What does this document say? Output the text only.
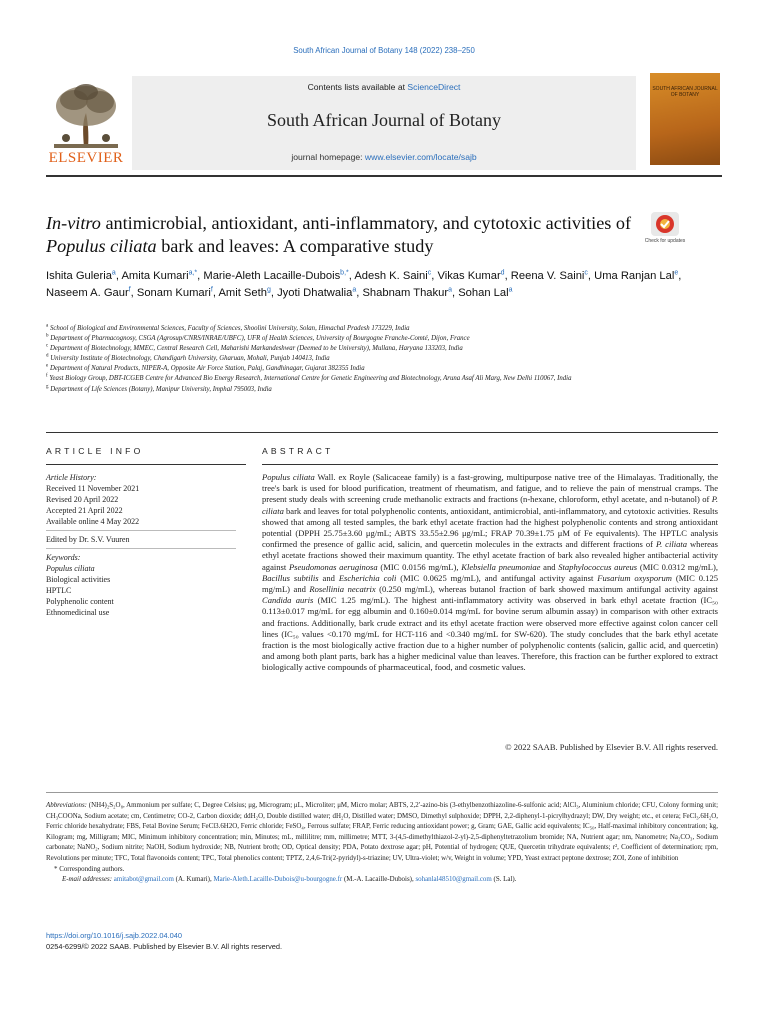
South African Journal of Botany 148 (2022) 238–250
ELSEVIER
Contents lists available at ScienceDirect
South African Journal of Botany
journal homepage: www.elsevier.com/locate/sajb
SOUTH AFRICAN JOURNAL OF BOTANY
In-vitro antimicrobial, antioxidant, anti-inflammatory, and cytotoxic activities of Populus ciliata bark and leaves: A comparative study	Check for updates
Ishita Guleria$^a$, Amita Kumari$^{a,*}$, Marie-Aleth Lacaille-Dubois$^{b,*}$, Adesh K. Saini$^c$, Vikas Kumar$^d$, Reena V. Saini$^c$, Uma Ranjan Lal$^e$, Naseem A. Gaur$^f$, Sonam Kumari$^f$, Amit Seth$^g$, Jyoti Dhatwalia$^a$, Shabnam Thakur$^a$, Sohan Lal$^a$
$^a$ School of Biological and Environmental Sciences, Faculty of Sciences, Shoolini University, Solan, Himachal Pradesh 173229, India
$^b$ Department of Pharmacognosy, CSGA (Agrosup/CNRS/INRAE/UBFC), UFR of Health Sciences, University of Bourgogne Franche-Comté, Dijon, France
$^c$ Department of Biotechnology, MMEC, Central Research Cell, Maharishi Markandeshwar (Deemed to be University), Mullana, Haryana 133203, India
$^d$ University Institute of Biotechnology, Chandigarh University, Gharuan, Mohali, Punjab 140413, India
$^e$ Department of Natural Products, NIPER-A, Opposite Air Force Station, Palaj, Gandhinagar, Gujarat 382355 India
$^f$ Yeast Biology Group, DBT-ICGEB Centre for Advanced Bio Energy Research, International Centre for Genetic Engineering and Biotechnology, Aruna Asaf Ali Marg, New Delhi 110067, India
$^g$ Department of Life Sciences (Botany), Manipur University, Imphal 795003, India
ARTICLE INFO	ABSTRACT
Article History:
Received 11 November 2021
Revised 20 April 2022
Accepted 21 April 2022
Available online 4 May 2022
Edited by Dr. S.V. Vuuren
Keywords:
Populus ciliata
Biological activities
HPTLC
Polyphenolic content
Ethnomedicinal use
Populus ciliata Wall. ex Royle (Salicaceae family) is a fast-growing, multipurpose native tree of the Himalayas. Traditionally, the tree's bark is used for blood purification, treatment of rheumatism, and fatigue, and to relieve the pain of menstrual cramps. The present study deals with screening crude methanolic extracts and fractions (n-hexane, chloroform, ethyl acetate, and n-butanol) of P. ciliata bark and leaves for total polyphenolic contents, antioxidant, antimicrobial, anti-inflammatory, and cytotoxic activities. Results showed that among all tested samples, the bark ethyl acetate fraction had the highest polyphenolic contents and strong antioxidant potential (DPPH 25.75±3.60 μg/mL; ABTS 33.55±2.96 μg/mL; FRAP 70.39±1.75 μM of Fe equivalents). The HPTLC analysis confirmed the presence of gallic acid, salicin, and quercetin molecules in the extracts and different fractions of P. ciliata whereas ethyl acetate fractions showed their maximum quantity. The ethyl acetate fraction of bark also revealed higher antibacterial activity against Pseudomonas aeruginosa (MIC 0.0156 mg/mL), Klebsiella pneumoniae and Staphylococcus aureus (MIC 0.0312 mg/mL), Bacillus subtilis and Escherichia coli (MIC 0.0625 mg/mL), and antifungal activity against Fusarium oxysporum (MIC 0.125 mg/mL) and Rosellinia necatrix (0.250 mg/mL), whereas butanol fraction of bark showed maximum antifungal activity against Candida auris (MIC 1.25 mg/mL). The highest anti-inflammatory activity was observed in bark ethyl acetate fraction (IC₅₀ 0.113±0.017 mg/mL for egg albumin and 0.160±0.014 mg/mL for bovine serum albumin assay) in comparison with other extracts and fractions. Additionally, bark crude extract and its ethyl acetate fraction were observed more effective against colon cancer cell lines (IC₅₀ values <0.170 mg/mL for HCT-116 and <0.340 mg/mL for SW-620). The study concludes that the bark ethyl acetate fraction is the most biologically active fraction due to a higher number of polyphenolic contents (salicin, gallic acid, and quercetin) and among both plant parts, bark has a higher medicinal value than leaves. Therefore, this fraction can be further explored to extract biologically active compounds of pharmaceutical, food, and cosmetic values.
© 2022 SAAB. Published by Elsevier B.V. All rights reserved.
Abbreviations: (NH4)₂S₂O₈, Ammonium per sulfate; C, Degree Celsius; μg, Microgram; μL, Microliter; μM, Micro molar; ABTS, 2,2′-azino-bis (3-ethylbenzothiazoline-6-sulfonic acid; AlCl₃, Aluminium chloride; CFU, Colony forming unit; CH₃COONa, Sodium acetate; cm, Centimetre; CO-2, Carbon dioxide; ddH₂O, Double distilled water; dH₂O, Distilled water; DMSO, Dimethyl sulphoxide; DPPH, 2,2-diphenyl-1-picrylhydrazyl; DW, Dry weight; etc., et cetera; FeCl₃.6H₂O, Ferric chloride hexahydrate; FBS, Fetal Bovine Serum; FeCl3.6H2O, Ferric chloride; FeSO₄, Ferrous sulfate; FRAP, Ferric reducing antioxidant power; g, Gram; GAE, Gallic acid equivalents; IC₅₀, Half-maximal inhibitory concentration; kg, Kilogram; mg, Milligram; MIC, Minimum inhibitory concentration; min, Minutes; mL, millilitre; mm, millimetre; MTT, 3-(4,5-dimethylthiazol-2-yl)-2,5-diphenyltetrazolium bromide; NA, Nutrient agar; nm, Nanometre; Na₂CO₃, Sodium carbonate; NaNO₂, Sodium nitrite; NaOH, Sodium hydroxide; NB, Nutrient broth; OD, Optical density; PDA, Potato dextrose agar; pH, Potential of hydrogen; QUE, Quercetin trihydrate equivalents; r², Coefficient of determination; rpm, Revolutions per minute; TFC, Total flavonoids content; TPC, Total phenolics content; TPTZ, 2,4,6-Tri(2-pyridyl)-s-triazine; UV, Ultra-violet; w/v, Weight in volume; YPD, Yeast extract peptone dextrose; ZOI, Zone of inhibition
* Corresponding authors.
E-mail addresses: amitabot@gmail.com (A. Kumari), Marie-Aleth.Lacaille-Dubois@u-bourgogne.fr (M.-A. Lacaille-Dubois), sohanlal48510@gmail.com (S. Lal).
https://doi.org/10.1016/j.sajb.2022.04.040
0254-6299/© 2022 SAAB. Published by Elsevier B.V. All rights reserved.
